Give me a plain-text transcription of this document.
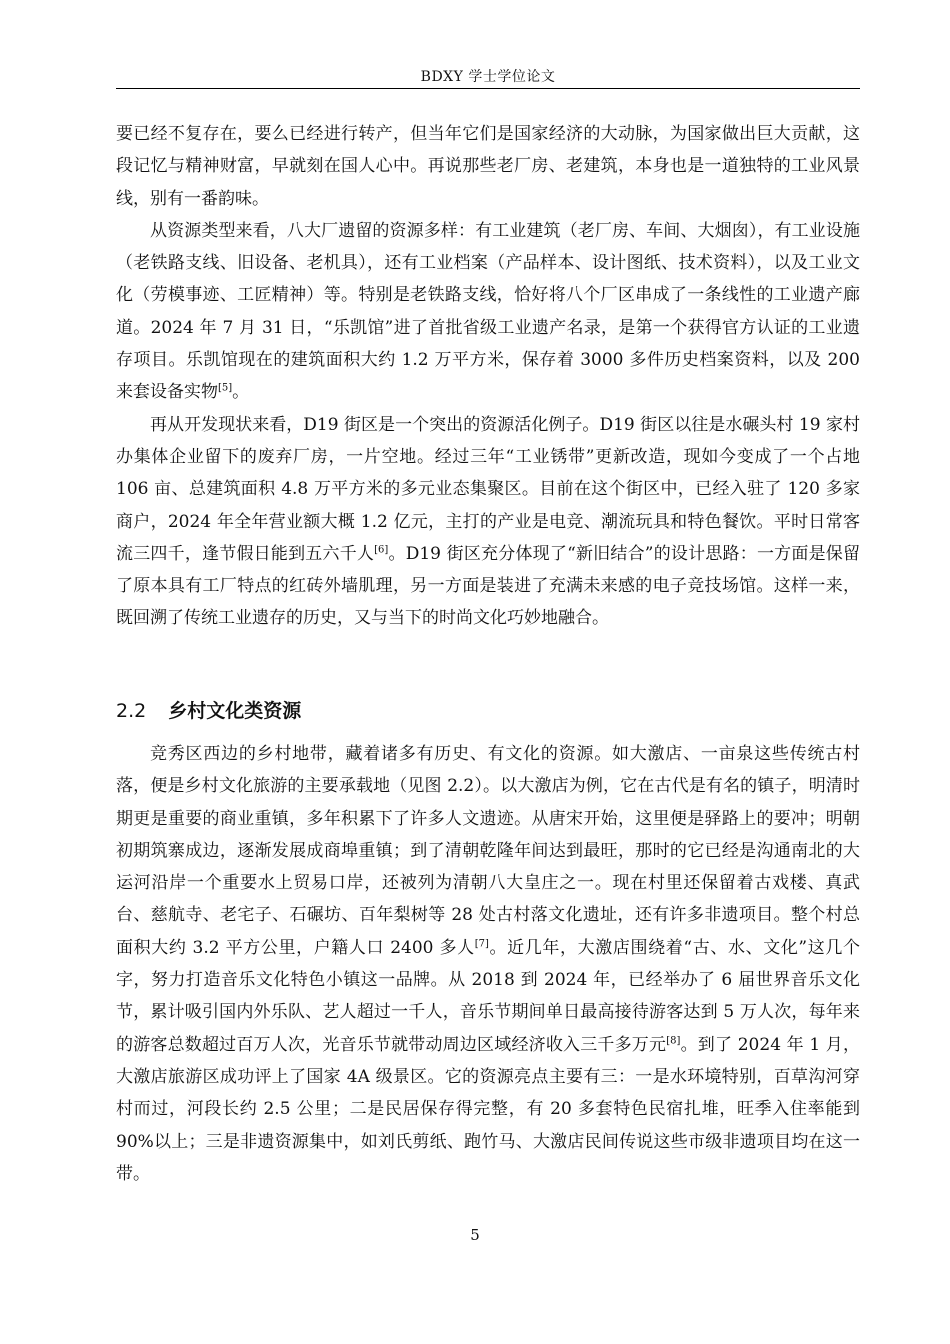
BDXY 学士学位论文

要已经不复存在，要么已经进行转产，但当年它们是国家经济的大动脉，为国家做出巨大贡献，这段记忆与精神财富，早就刻在国人心中。再说那些老厂房、老建筑，本身也是一道独特的工业风景线，别有一番韵味。

从资源类型来看，八大厂遗留的资源多样：有工业建筑（老厂房、车间、大烟囱），有工业设施（老铁路支线、旧设备、老机具），还有工业档案（产品样本、设计图纸、技术资料），以及工业文化（劳模事迹、工匠精神）等。特别是老铁路支线，恰好将八个厂区串成了一条线性的工业遗产廊道。2024 年 7 月 31 日，“乐凯馆”进了首批省级工业遗产名录，是第一个获得官方认证的工业遗存项目。乐凯馆现在的建筑面积大约 1.2 万平方米，保存着 3000 多件历史档案资料，以及 200 来套设备实物[5]。

再从开发现状来看，D19 街区是一个突出的资源活化例子。D19 街区以往是水碾头村 19 家村办集体企业留下的废弃厂房，一片空地。经过三年“工业锈带”更新改造，现如今变成了一个占地 106 亩、总建筑面积 4.8 万平方米的多元业态集聚区。目前在这个街区中，已经入驻了 120 多家商户，2024 年全年营业额大概 1.2 亿元，主打的产业是电竞、潮流玩具和特色餐饮。平时日常客流三四千，逢节假日能到五六千人[6]。D19 街区充分体现了“新旧结合”的设计思路：一方面是保留了原本具有工厂特点的红砖外墙肌理，另一方面是装进了充满未来感的电子竞技场馆。这样一来，既回溯了传统工业遗存的历史，又与当下的时尚文化巧妙地融合。

2.2 乡村文化类资源

竞秀区西边的乡村地带，藏着诸多有历史、有文化的资源。如大激店、一亩泉这些传统古村落，便是乡村文化旅游的主要承载地（见图 2.2）。以大激店为例，它在古代是有名的镇子，明清时期更是重要的商业重镇，多年积累下了许多人文遗迹。从唐宋开始，这里便是驿路上的要冲；明朝初期筑寨成边，逐渐发展成商埠重镇；到了清朝乾隆年间达到最旺，那时的它已经是沟通南北的大运河沿岸一个重要水上贸易口岸，还被列为清朝八大皇庄之一。现在村里还保留着古戏楼、真武台、慈航寺、老宅子、石碾坊、百年梨树等 28 处古村落文化遗址，还有许多非遗项目。整个村总面积大约 3.2 平方公里，户籍人口 2400 多人[7]。近几年，大激店围绕着“古、水、文化”这几个字，努力打造音乐文化特色小镇这一品牌。从 2018 到 2024 年，已经举办了 6 届世界音乐文化节，累计吸引国内外乐队、艺人超过一千人，音乐节期间单日最高接待游客达到 5 万人次，每年来的游客总数超过百万人次，光音乐节就带动周边区域经济收入三千多万元[8]。到了 2024 年 1 月，大激店旅游区成功评上了国家 4A 级景区。它的资源亮点主要有三：一是水环境特别，百草沟河穿村而过，河段长约 2.5 公里；二是民居保存得完整，有 20 多套特色民宿扎堆，旺季入住率能到 90%以上；三是非遗资源集中，如刘氏剪纸、跑竹马、大激店民间传说这些市级非遗项目均在这一带。

5
